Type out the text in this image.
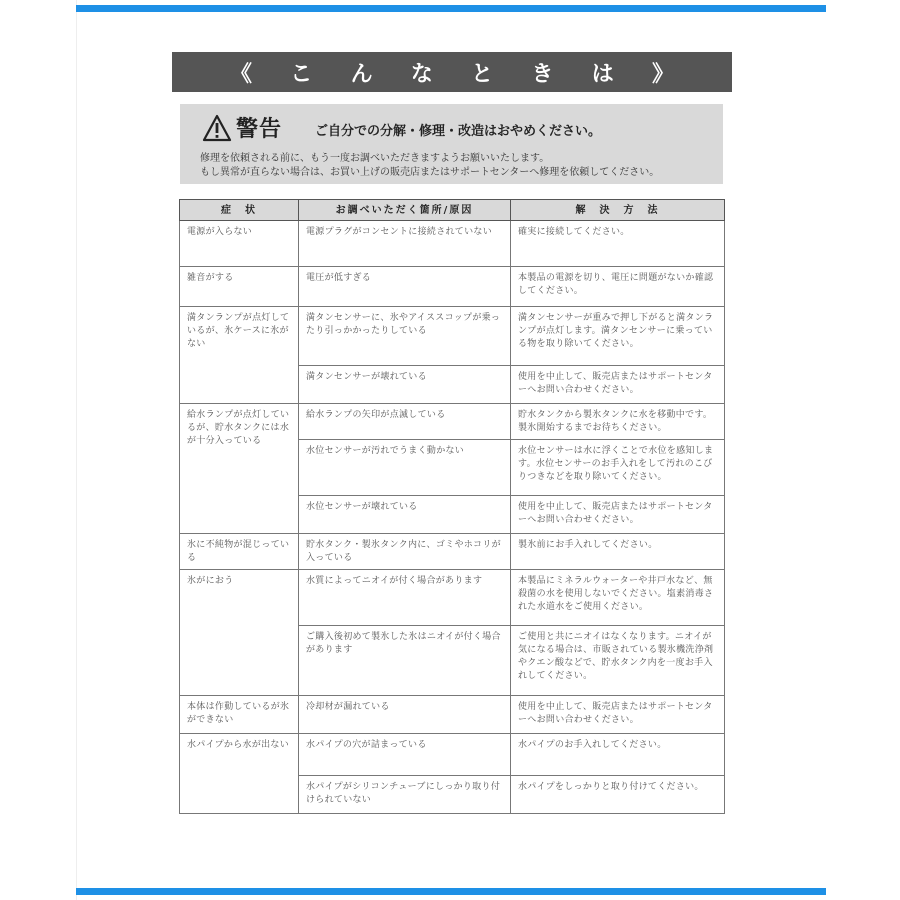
《 こ ん な と き は 》
警告	ご自分での分解・修理・改造はおやめください。
修理を依頼される前に、もう一度お調べいただきますようお願いいたします。
もし異常が直らない場合は、お買い上げの販売店またはサポートセンターへ修理を依頼してください。
症　状	お調べいただく箇所/原因	解　決　方　法
電源が入らない	電源プラグがコンセントに接続されていない	確実に接続してください。
雑音がする	電圧が低すぎる	本製品の電源を切り、電圧に問題がないか確認してください。
満タンランプが点灯しているが、氷ケースに氷がない	満タンセンサーに、氷やアイススコップが乗ったり引っかかったりしている	満タンセンサーが重みで押し下がると満タンランプが点灯します。満タンセンサーに乗っている物を取り除いてください。
	満タンセンサーが壊れている	使用を中止して、販売店またはサポートセンターへお問い合わせください。
給水ランプが点灯しているが、貯水タンクには水が十分入っている	給水ランプの矢印が点滅している	貯水タンクから製氷タンクに水を移動中です。製氷開始するまでお待ちください。
	水位センサーが汚れでうまく動かない	水位センサーは水に浮くことで水位を感知します。水位センサーのお手入れをして汚れのこびりつきなどを取り除いてください。
	水位センサーが壊れている	使用を中止して、販売店またはサポートセンターへお問い合わせください。
氷に不純物が混じっている	貯水タンク・製氷タンク内に、ゴミやホコリが入っている	製氷前にお手入れしてください。
氷がにおう	水質によってニオイが付く場合があります	本製品にミネラルウォーターや井戸水など、無殺菌の水を使用しないでください。塩素消毒された水道水をご使用ください。
	ご購入後初めて製氷した氷はニオイが付く場合があります	ご使用と共にニオイはなくなります。ニオイが気になる場合は、市販されている製氷機洗浄剤やクエン酸などで、貯水タンク内を一度お手入れしてください。
本体は作動しているが氷ができない	冷却材が漏れている	使用を中止して、販売店またはサポートセンターへお問い合わせください。
水パイプから水が出ない	水パイプの穴が詰まっている	水パイプのお手入れしてください。
	水パイプがシリコンチューブにしっかり取り付けられていない	水パイプをしっかりと取り付けてください。
